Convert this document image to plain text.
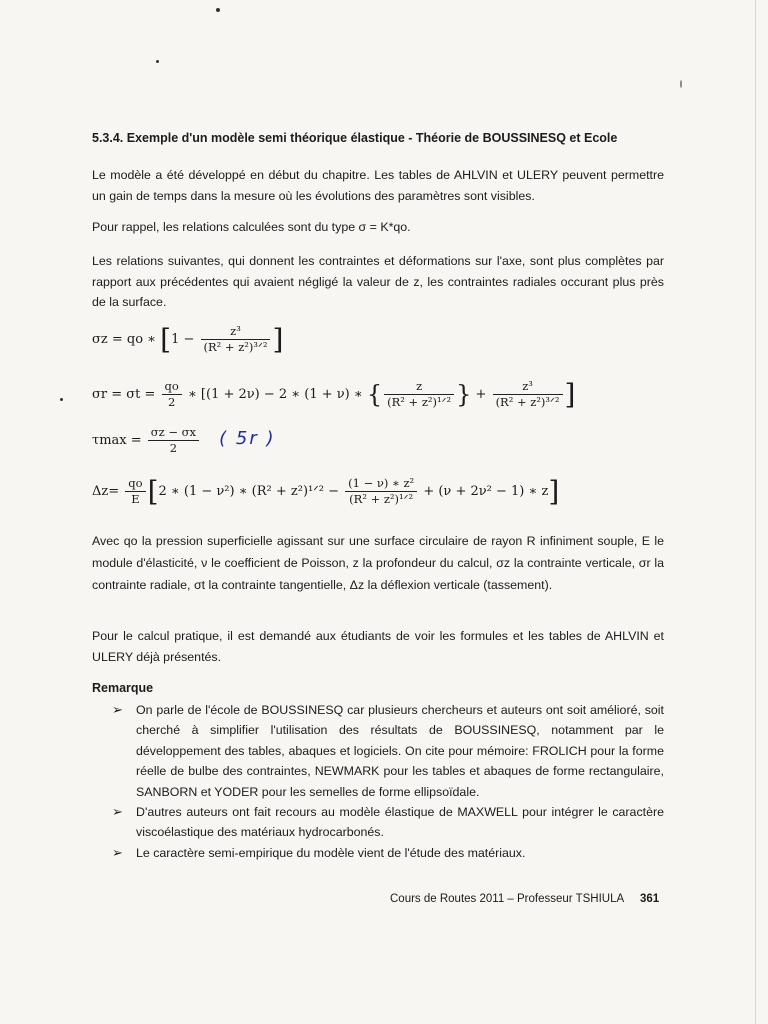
5.3.4. Exemple d'un modèle semi théorique élastique - Théorie de BOUSSINESQ et Ecole
Le modèle a été développé en début du chapitre. Les tables de AHLVIN et ULERY peuvent permettre un gain de temps dans la mesure où les évolutions des paramètres sont visibles.
Pour rappel, les relations calculées sont du type σ = K*qo.
Les relations suivantes, qui donnent les contraintes et déformations sur l'axe, sont plus complètes par rapport aux précédentes qui avaient négligé la valeur de z, les contraintes radiales occurant plus près de la surface.
σz = qo ∗ [$1 - \frac{\text{z³}}{\text{(R² + z²)³ᐟ²}}$ ]
$\sigma r = \sigma t = \frac{qo}{2}$ ∗ [(1 + 2ν) − 2 ∗ (1 + ν) ∗ { $\frac{z}{\text{(R² + z²)¹ᐟ²}}$ } + $\frac{\text{z³}}{\text{(R² + z²)³ᐟ²}}$ ]
$\tau\max = \frac{\sigma z - \sigma x}{2}$ ( 5r )
$\Delta z= \frac{qo}{E} [2$ ∗ (1 − ν²) ∗ (R² + z²)¹ᐟ² − $\frac{\text{(1 − ν) ∗ z²}}{\text{(R² + z²)¹ᐟ²}} + (\nu + 2\nu^2 - 1)$ ∗ z]
Avec qo la pression superficielle agissant sur une surface circulaire de rayon R infiniment souple, E le module d'élasticité, ν le coefficient de Poisson, z la profondeur du calcul, σz la contrainte verticale, σr la contrainte radiale, σt la contrainte tangentielle, Δz la déflexion verticale (tassement).
Pour le calcul pratique, il est demandé aux étudiants de voir les formules et les tables de AHLVIN et ULERY déjà présentés.
Remarque
➢ On parle de l'école de BOUSSINESQ car plusieurs chercheurs et auteurs ont soit amélioré, soit cherché à simplifier l'utilisation des résultats de BOUSSINESQ, notamment par le développement des tables, abaques et logiciels. On cite pour mémoire: FROLICH pour la forme réelle de bulbe des contraintes, NEWMARK pour les tables et abaques de forme rectangulaire, SANBORN et YODER pour les semelles de forme ellipsoïdale.
➢ D'autres auteurs ont fait recours au modèle élastique de MAXWELL pour intégrer le caractère viscoélastique des matériaux hydrocarbonés.
➢ Le caractère semi-empirique du modèle vient de l'étude des matériaux.
Cours de Routes 2011 – Professeur TSHIULA 361
